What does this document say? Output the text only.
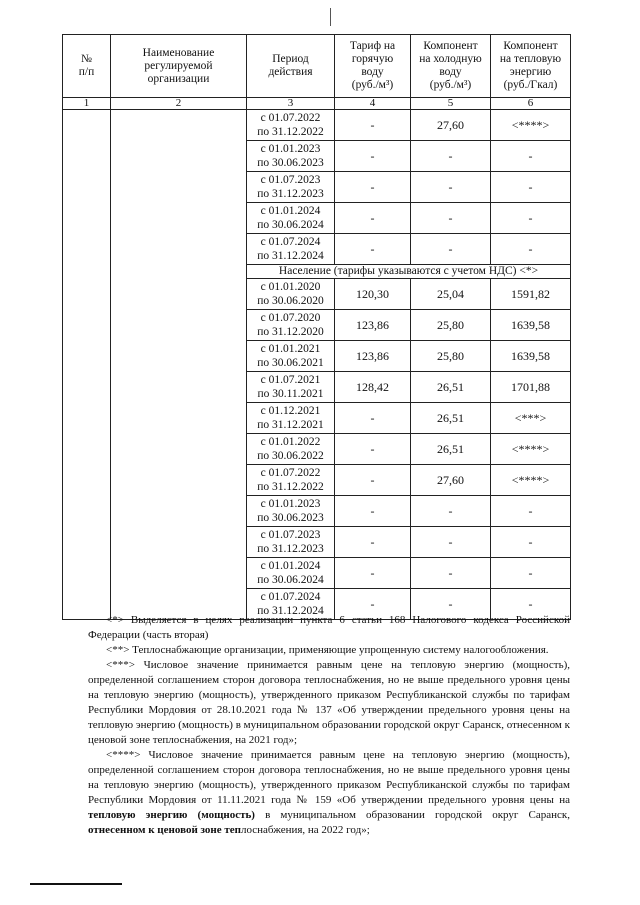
№
п/п	Наименование
регулируемой
организации	Период
действия	Тариф на
горячую
воду
(руб./м³)	Компонент
на холодную
воду
(руб./м³)	Компонент
на тепловую
энергию
(руб./Гкал)
1	2	3	4	5	6
		с 01.07.2022
по 31.12.2022	-	27,60	<****>
		с 01.01.2023
по 30.06.2023	-	-	-
		с 01.07.2023
по 31.12.2023	-	-	-
		с 01.01.2024
по 30.06.2024	-	-	-
		с 01.07.2024
по 31.12.2024	-	-	-
		Население (тарифы указываются с учетом НДС) <*>			
		с 01.01.2020
по 30.06.2020	120,30	25,04	1591,82
		с 01.07.2020
по 31.12.2020	123,86	25,80	1639,58
		с 01.01.2021
по 30.06.2021	123,86	25,80	1639,58
		с 01.07.2021
по 30.11.2021	128,42	26,51	1701,88
		с 01.12.2021
по 31.12.2021	-	26,51	<***>
		с 01.01.2022
по 30.06.2022	-	26,51	<****>
		с 01.07.2022
по 31.12.2022	-	27,60	<****>
		с 01.01.2023
по 30.06.2023	-	-	-
		с 01.07.2023
по 31.12.2023	-	-	-
		с 01.01.2024
по 30.06.2024	-	-	-
		с 01.07.2024
по 31.12.2024	-	-	-

<*> Выделяется в целях реализации пункта 6 статьи 168 Налогового кодекса Российской Федерации (часть вторая)

<**> Теплоснабжающие организации, применяющие упрощенную систему налогообложения.

<***> Числовое значение принимается равным цене на тепловую энергию (мощность), определенной соглашением сторон договора теплоснабжения, но не выше предельного уровня цены на тепловую энергию (мощность), утвержденного приказом Республиканской службы по тарифам Республики Мордовия от 28.10.2021 года № 137 «Об утверждении предельного уровня цены на тепловую энергию (мощность) в муниципальном образовании городской округ Саранск, отнесенном к ценовой зоне теплоснабжения, на 2021 год»;

<****> Числовое значение принимается равным цене на тепловую энергию (мощность), определенной соглашением сторон договора теплоснабжения, но не выше предельного уровня цены на тепловую энергию (мощность), утвержденного приказом Республиканской службы по тарифам Республики Мордовия от 11.11.2021 года № 159 «Об утверждении предельного уровня цены на тепловую энергию (мощность) в муниципальном образовании городской округ Саранск, отнесенном к ценовой зоне теплоснабжения, на 2022 год»;
